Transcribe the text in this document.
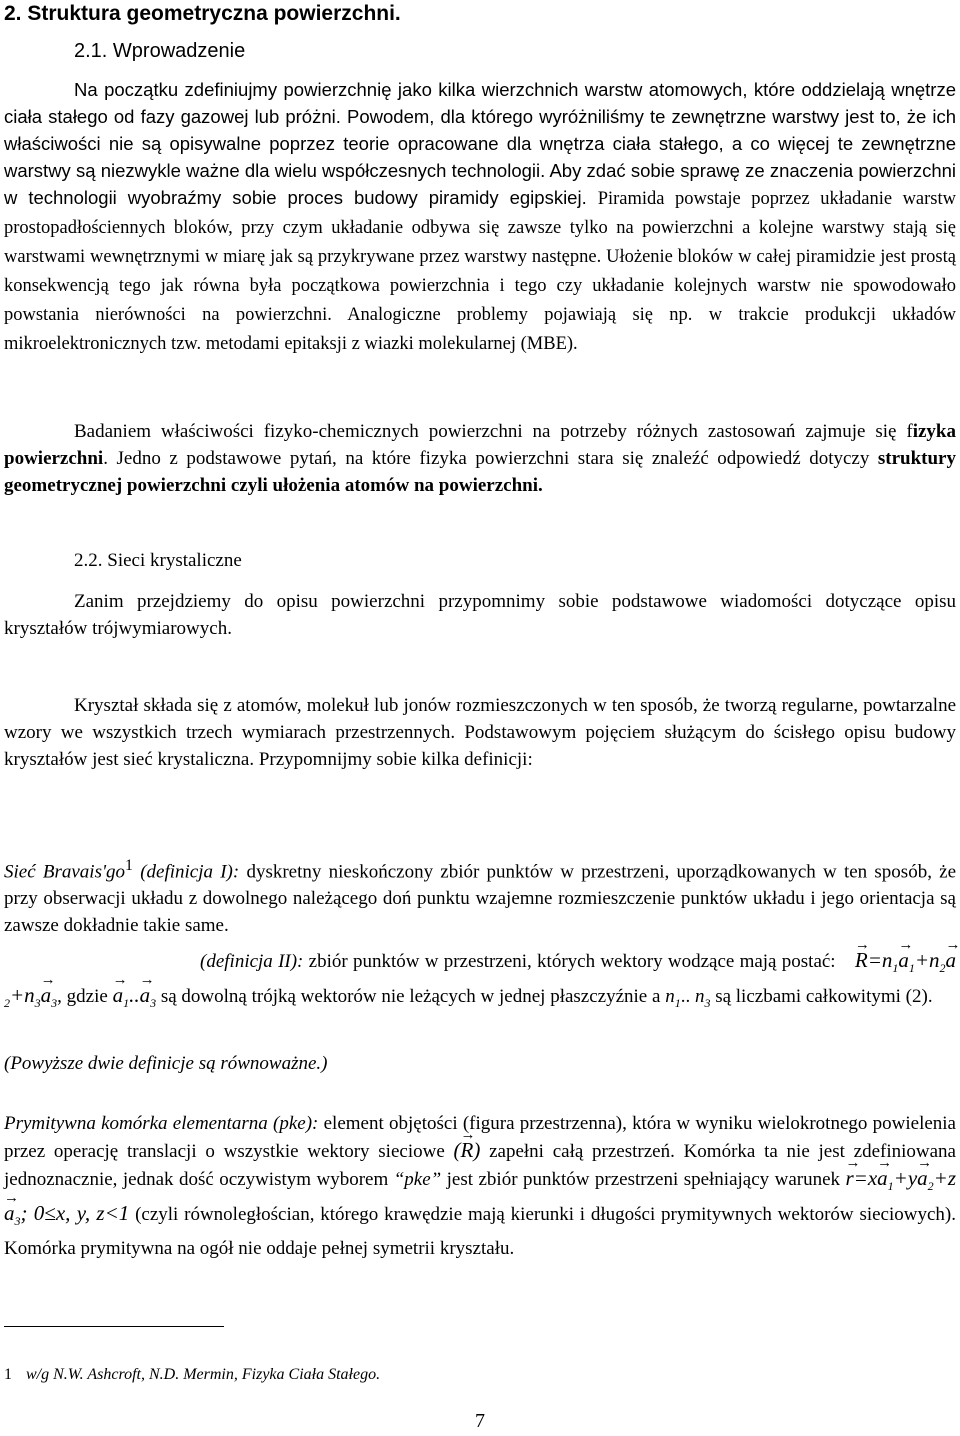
2. Struktura geometryczna powierzchni.
2.1. Wprowadzenie
Na początku zdefiniujmy powierzchnię jako kilka wierzchnich warstw atomowych, które oddzielają wnętrze ciała stałego od fazy gazowej lub próżni. Powodem, dla którego wyróżniliśmy te zewnętrzne warstwy jest to, że ich właściwości nie są opisywalne poprzez teorie opracowane dla wnętrza ciała stałego, a co więcej te zewnętrzne warstwy są niezwykle ważne dla wielu współczesnych technologii. Aby zdać sobie sprawę ze znaczenia powierzchni w technologii wyobraźmy sobie proces budowy piramidy egipskiej. Piramida powstaje poprzez układanie warstw prostopadłościennych bloków, przy czym układanie odbywa się zawsze tylko na powierzchni a kolejne warstwy stają się warstwami wewnętrznymi w miarę jak są przykrywane przez warstwy następne. Ułożenie bloków w całej piramidzie jest prostą konsekwencją tego jak równa była początkowa powierzchnia i tego czy układanie kolejnych warstw nie spowodowało powstania nierówności na powierzchni. Analogiczne problemy pojawiają się np. w trakcie produkcji układów mikroelektronicznych tzw. metodami epitaksji z wiazki molekularnej (MBE).
Badaniem właściwości fizyko-chemicznych powierzchni na potrzeby różnych zastosowań zajmuje się fizyka powierzchni. Jedno z podstawowe pytań, na które fizyka powierzchni stara się znaleźć odpowiedź dotyczy struktury geometrycznej powierzchni czyli ułożenia atomów na powierzchni.
2.2. Sieci krystaliczne
Zanim przejdziemy do opisu powierzchni przypomnimy sobie podstawowe wiadomości dotyczące opisu kryształów trójwymiarowych.
Kryształ składa się z atomów, molekuł lub jonów rozmieszczonych w ten sposób, że tworzą regularne, powtarzalne wzory we wszystkich trzech wymiarach przestrzennych. Podstawowym pojęciem służącym do ścisłego opisu budowy kryształów jest sieć krystaliczna. Przypomnijmy sobie kilka definicji:
Sieć $Bravais'go^1$ (definicja I): dyskretny nieskończony zbiór punktów w przestrzeni, uporządkowanych w ten sposób, że przy obserwacji układu z dowolnego należącego doń punktu wzajemne rozmieszczenie punktów układu i jego orientacja są zawsze dokładnie takie same.
(definicja II): zbiór punktów w przestrzeni, których wektory wodzące mają postać: → $R=n_1\to a_1+n_2\to a_2+n_3\to a_3$, gdzie → $a_1..\to a_3$ są dowolną trójką wektorów nie leżących w jednej płaszczyźnie a $n_1$.. $n_3$ są liczbami całkowitymi (2).
(Powyższe dwie definicje są równoważne.)
Prymitywna komórka elementarna (pke): element objętości (figura przestrzenna), która w wyniku wielokrotnego powielenia przez operację translacji o wszystkie wektory sieciowe (→ R) zapełni całą przestrzeń. Komórka ta nie jest zdefiniowana jednoznacznie, jednak dość oczywistym wyborem “pke” jest zbiór punktów przestrzeni spełniający warunek → $r=x\to a_1+y\to a_2+z\to a_3$; 0≤x, y, z<1 (czyli równoległościan, którego krawędzie mają kierunki i długości prymitywnych wektorów sieciowych). Komórka prymitywna na ogół nie oddaje pełnej symetrii kryształu.
1 w/g N.W. Ashcroft, N.D. Mermin, Fizyka Ciała Stałego.
7
